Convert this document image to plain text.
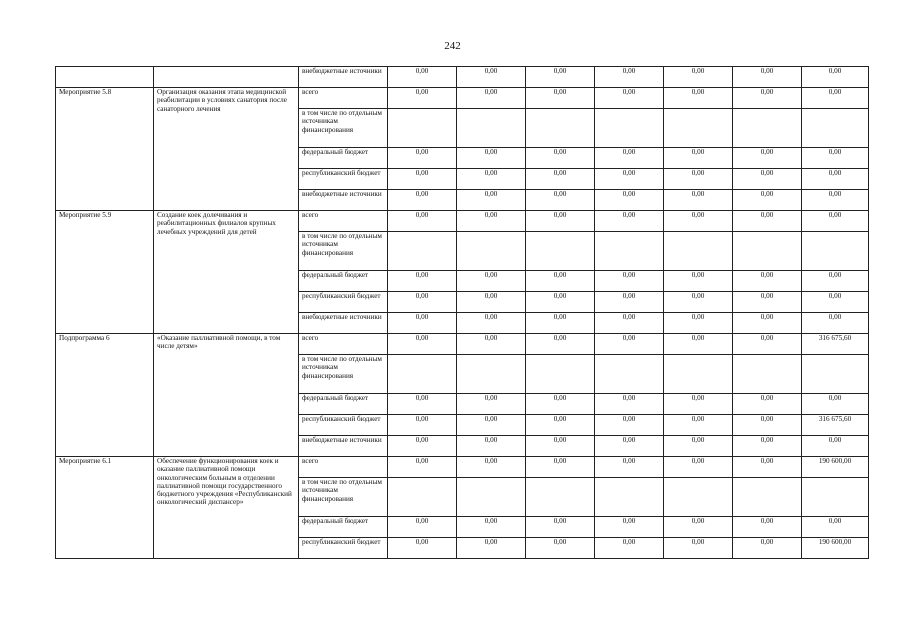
242
		внебюджетные источники	0,00	0,00	0,00	0,00	0,00	0,00	0,00
Мероприятие 5.8	Организация оказания этапа медицинской реабилитации в условиях санатория после санаторного лечения	всего	0,00	0,00	0,00	0,00	0,00	0,00	0,00
		в том числе по отдельным источникам финансирования							
		федеральный бюджет	0,00	0,00	0,00	0,00	0,00	0,00	0,00
		республиканский бюджет	0,00	0,00	0,00	0,00	0,00	0,00	0,00
		внебюджетные источники	0,00	0,00	0,00	0,00	0,00	0,00	0,00
Мероприятие 5.9	Создание коек долечивания и реабилитационных филиалов крупных лечебных учреждений для детей	всего	0,00	0,00	0,00	0,00	0,00	0,00	0,00
		в том числе по отдельным источникам финансирования							
		федеральный бюджет	0,00	0,00	0,00	0,00	0,00	0,00	0,00
		республиканский бюджет	0,00	0,00	0,00	0,00	0,00	0,00	0,00
		внебюджетные источники	0,00	0,00	0,00	0,00	0,00	0,00	0,00
Подпрограмма 6	«Оказание паллиативной помощи, в том числе детям»	всего	0,00	0,00	0,00	0,00	0,00	0,00	316 675,60
		в том числе по отдельным источникам финансирования							
		федеральный бюджет	0,00	0,00	0,00	0,00	0,00	0,00	0,00
		республиканский бюджет	0,00	0,00	0,00	0,00	0,00	0,00	316 675,60
		внебюджетные источники	0,00	0,00	0,00	0,00	0,00	0,00	0,00
Мероприятие 6.1	Обеспечение функционирования коек и оказание паллиативной помощи онкологическим больным в отделении паллиативной помощи государственного бюджетного учреждения «Республиканский онкологический диспансер»	всего	0,00	0,00	0,00	0,00	0,00	0,00	190 600,00
		в том числе по отдельным источникам финансирования							
		федеральный бюджет	0,00	0,00	0,00	0,00	0,00	0,00	0,00
		республиканский бюджет	0,00	0,00	0,00	0,00	0,00	0,00	190 600,00
